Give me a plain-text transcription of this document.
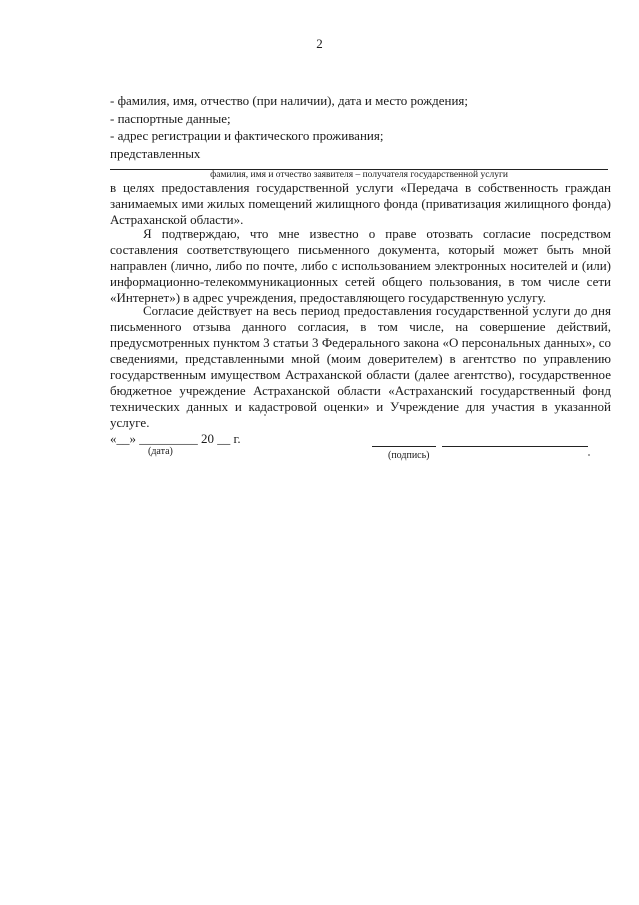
2
- фамилия, имя, отчество (при наличии), дата и место рождения;
- паспортные данные;
- адрес регистрации и фактического проживания;
представленных
фамилия, имя и отчество заявителя – получателя государственной услуги
в целях предоставления государственной услуги «Передача в собственность граждан занимаемых ими жилых помещений жилищного фонда (приватизация жилищного фонда) Астраханской области».
Я подтверждаю, что мне известно о праве отозвать согласие посредством составления соответствующего письменного документа, который может быть мной направлен (лично, либо по почте, либо с использованием электронных носителей и (или) информационно-телекоммуникационных сетей общего пользования, в том числе сети «Интернет») в адрес учреждения, предоставляющего государственную услугу.
Согласие действует на весь период предоставления государственной услуги до дня письменного отзыва данного согласия, в том числе, на совершение действий, предусмотренных пунктом 3 статьи 3 Федерального закона «О персональных данных», со сведениями, представленными мной (моим доверителем) в агентство по управлению государственным имуществом Астраханской области (далее агентство), государственное бюджетное учреждение Астраханской области «Астраханский государственный фонд технических данных и кадастровой оценки» и Учреждение для участия в указанной услуге.
«__» _________ 20 __ г.
(дата)	(подпись)
